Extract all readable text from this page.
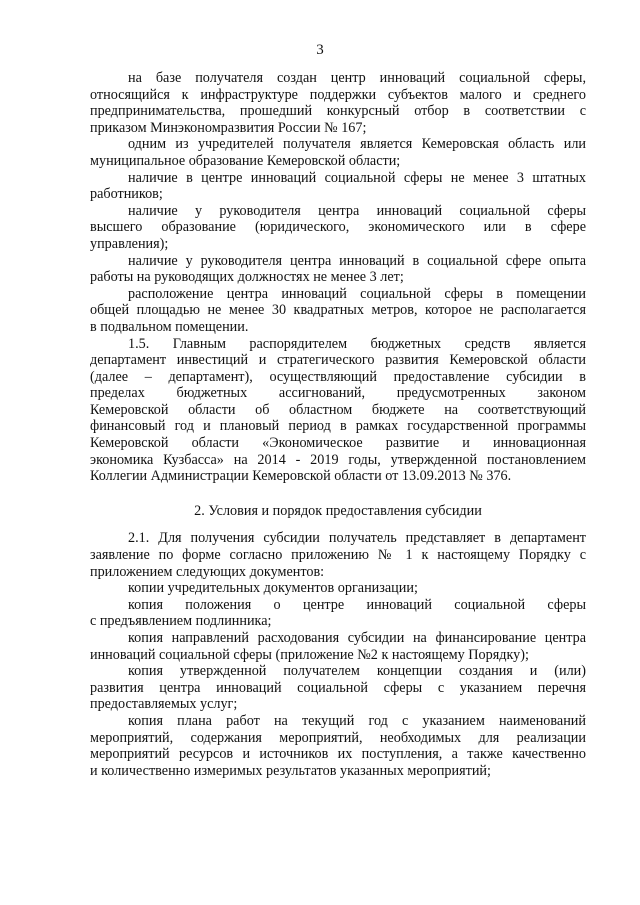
3
на базе получателя создан центр инноваций социальной сферы,
относящийся к инфраструктуре поддержки субъектов малого и среднего
предпринимательства, прошедший конкурсный отбор в соответствии с
приказом Минэкономразвития России № 167;
одним из учредителей получателя является Кемеровская область или
муниципальное образование Кемеровской области;
наличие в центре инноваций социальной сферы не менее 3 штатных
работников;
наличие у руководителя центра инноваций социальной сферы
высшего образование (юридического, экономического или в сфере
управления);
наличие у руководителя центра инноваций в социальной сфере опыта
работы на руководящих должностях не менее 3 лет;
расположение центра инноваций социальной сферы в помещении
общей площадью не менее 30 квадратных метров, которое не располагается
в подвальном помещении.
1.5. Главным распорядителем бюджетных средств является
департамент инвестиций и стратегического развития Кемеровской области
(далее – департамент), осуществляющий предоставление субсидии в
пределах бюджетных ассигнований, предусмотренных законом
Кемеровской области об областном бюджете на соответствующий
финансовый год и плановый период в рамках государственной программы
Кемеровской области «Экономическое развитие и инновационная
экономика Кузбасса» на 2014 - 2019 годы, утвержденной постановлением
Коллегии Администрации Кемеровской области от 13.09.2013 № 376.
2. Условия и порядок предоставления субсидии
2.1. Для получения субсидии получатель представляет в департамент
заявление по форме согласно приложению № 1 к настоящему Порядку с
приложением следующих документов:
копии учредительных документов организации;
копия положения о центре инноваций социальной сферы
с предъявлением подлинника;
копия направлений расходования субсидии на финансирование центра
инноваций социальной сферы (приложение №2 к настоящему Порядку);
копия утвержденной получателем концепции создания и (или)
развития центра инноваций социальной сферы с указанием перечня
предоставляемых услуг;
копия плана работ на текущий год с указанием наименований
мероприятий, содержания мероприятий, необходимых для реализации
мероприятий ресурсов и источников их поступления, а также качественно
и количественно измеримых результатов указанных мероприятий;
